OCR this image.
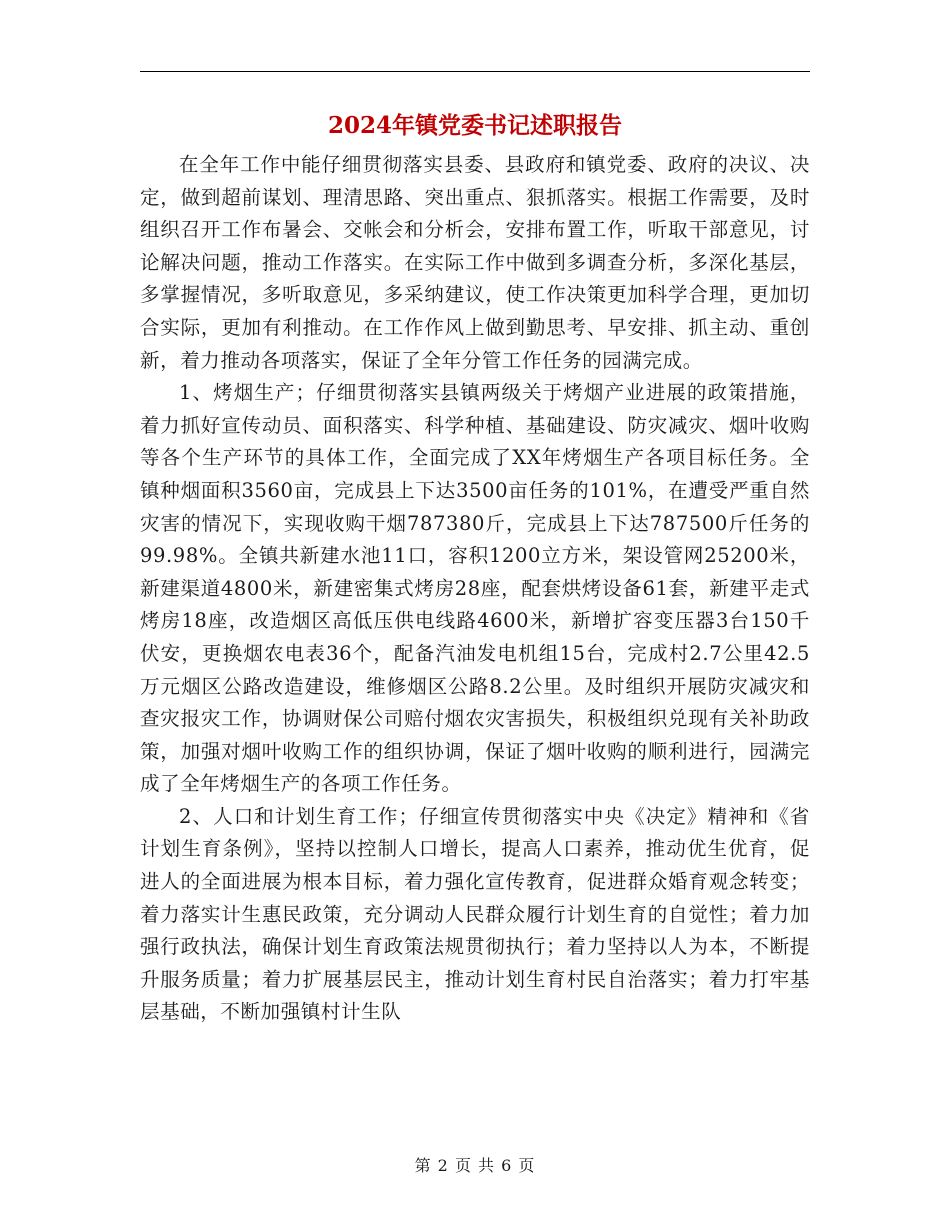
2024年镇党委书记述职报告

在全年工作中能仔细贯彻落实县委、县政府和镇党委、政府的决议、决定，做到超前谋划、理清思路、突出重点、狠抓落实。根据工作需要，及时组织召开工作布暑会、交帐会和分析会，安排布置工作，听取干部意见，讨论解决问题，推动工作落实。在实际工作中做到多调查分析，多深化基层，多掌握情况，多听取意见，多采纳建议，使工作决策更加科学合理，更加切合实际，更加有利推动。在工作作风上做到勤思考、早安排、抓主动、重创新，着力推动各项落实，保证了全年分管工作任务的园满完成。

1、烤烟生产；仔细贯彻落实县镇两级关于烤烟产业进展的政策措施，着力抓好宣传动员、面积落实、科学种植、基础建设、防灾减灾、烟叶收购等各个生产环节的具体工作，全面完成了XX年烤烟生产各项目标任务。全镇种烟面积3560亩，完成县上下达3500亩任务的101%，在遭受严重自然灾害的情况下，实现收购干烟787380斤，完成县上下达787500斤任务的99.98%。全镇共新建水池11口，容积1200立方米，架设管网25200米，新建渠道4800米，新建密集式烤房28座，配套烘烤设备61套，新建平走式烤房18座，改造烟区高低压供电线路4600米，新增扩容变压器3台150千伏安，更换烟农电表36个，配备汽油发电机组15台，完成村2.7公里42.5万元烟区公路改造建设，维修烟区公路8.2公里。及时组织开展防灾减灾和查灾报灾工作，协调财保公司赔付烟农灾害损失，积极组织兑现有关补助政策，加强对烟叶收购工作的组织协调，保证了烟叶收购的顺利进行，园满完成了全年烤烟生产的各项工作任务。

2、人口和计划生育工作；仔细宣传贯彻落实中央《决定》精神和《省计划生育条例》，坚持以控制人口增长，提高人口素养，推动优生优育，促进人的全面进展为根本目标，着力强化宣传教育，促进群众婚育观念转变；着力落实计生惠民政策，充分调动人民群众履行计划生育的自觉性；着力加强行政执法，确保计划生育政策法规贯彻执行；着力坚持以人为本，不断提升服务质量；着力扩展基层民主，推动计划生育村民自治落实；着力打牢基层基础，不断加强镇村计生队

第 2 页 共 6 页
